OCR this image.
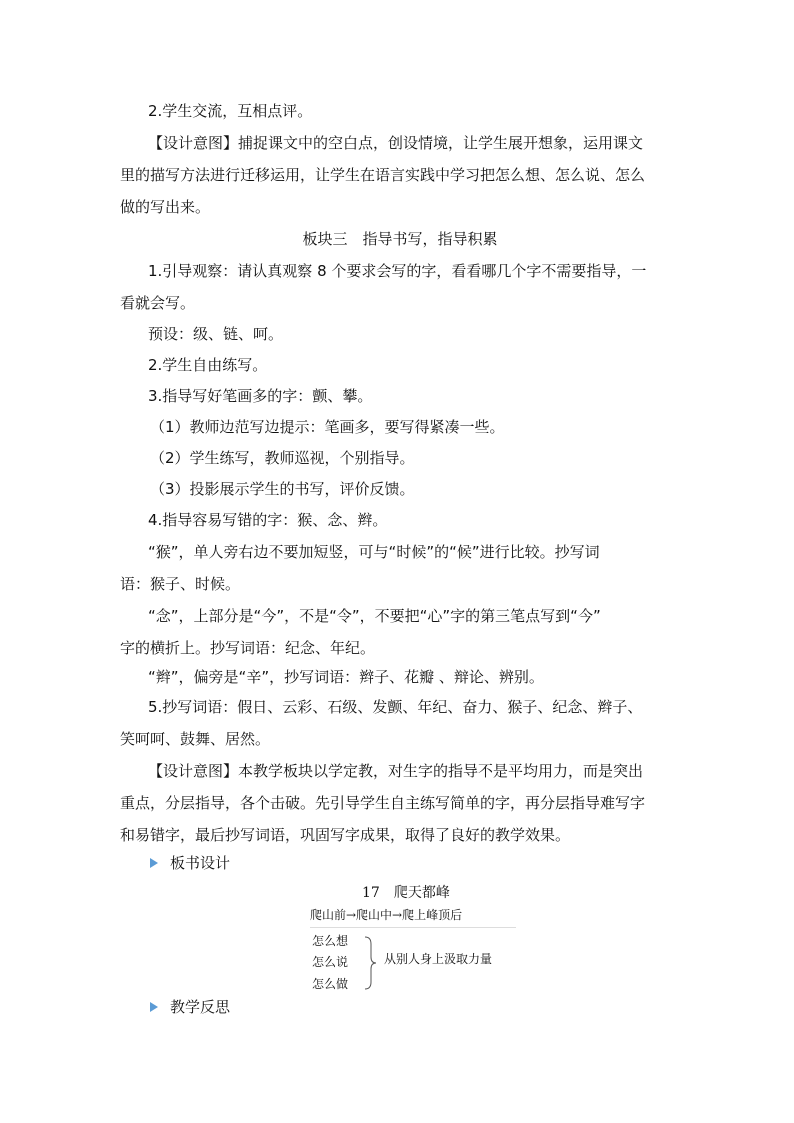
2.学生交流，互相点评。
【设计意图】捕捉课文中的空白点，创设情境，让学生展开想象，运用课文
里的描写方法进行迁移运用，让学生在语言实践中学习把怎么想、怎么说、怎么
做的写出来。
板块三　指导书写，指导积累
1.引导观察：请认真观察 8 个要求会写的字，看看哪几个字不需要指导，一
看就会写。
预设：级、链、呵。
2.学生自由练写。
3.指导写好笔画多的字：颤、攀。
（1）教师边范写边提示：笔画多，要写得紧凑一些。
（2）学生练写，教师巡视，个别指导。
（3）投影展示学生的书写，评价反馈。
4.指导容易写错的字：猴、念、辫。
“猴”，单人旁右边不要加短竖，可与“时候”的“候”进行比较。抄写词
语：猴子、时候。
“念”，上部分是“今”，不是“令”，不要把“心”字的第三笔点写到“今”
字的横折上。抄写词语：纪念、年纪。
“辫”，偏旁是“辛”，抄写词语：辫子、花瓣 、辩论、辨别。
5.抄写词语：假日、云彩、石级、发颤、年纪、奋力、猴子、纪念、辫子、
笑呵呵、鼓舞、居然。
【设计意图】本教学板块以学定教，对生字的指导不是平均用力，而是突出
重点，分层指导，各个击破。先引导学生自主练写简单的字，再分层指导难写字
和易错字，最后抄写词语，巩固写字成果，取得了良好的教学效果。
板书设计
17　爬天都峰
爬山前→爬山中→爬上峰顶后
怎么想
怎么说
怎么做
从别人身上汲取力量
教学反思
